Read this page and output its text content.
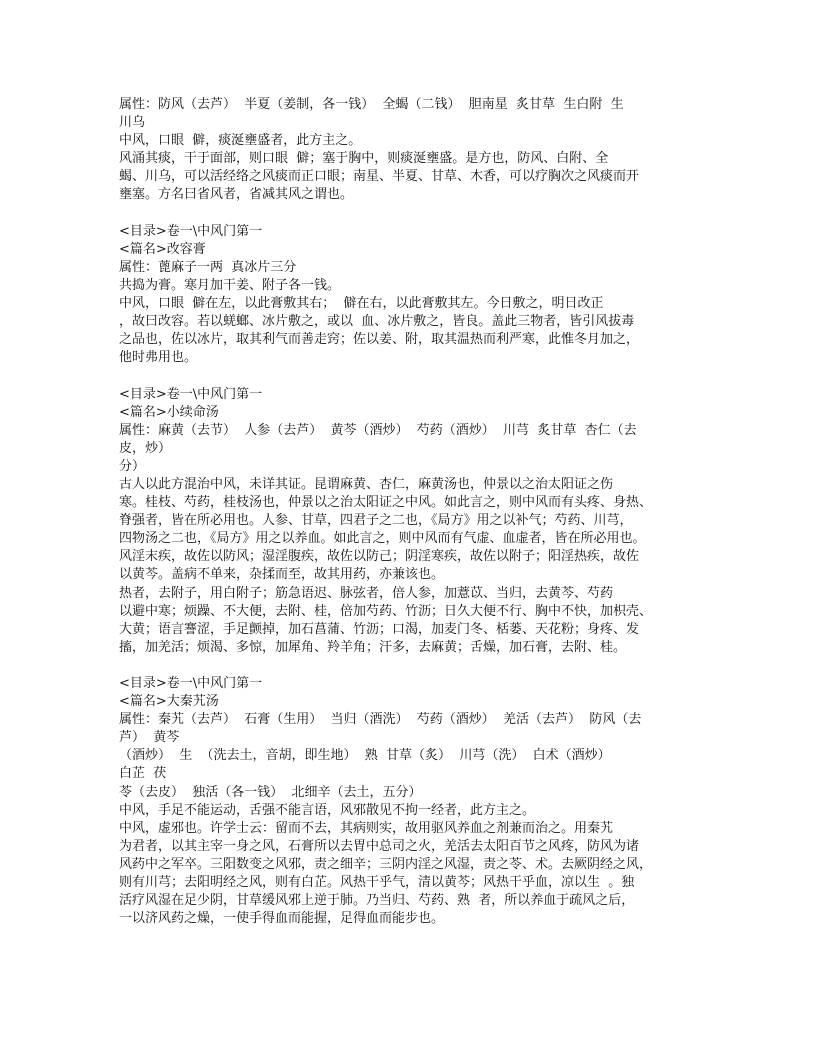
属性：防风（去芦）  半夏（姜制，各一钱）  全蝎（二钱）  胆南星  炙甘草  生白附  生
川乌
中风，口眼  僻，痰涎壅盛者，此方主之。
风涌其痰，干于面部，则口眼  僻；塞于胸中，则痰涎壅盛。是方也，防风、白附、全
蝎、川乌，可以活经络之风痰而正口眼；南星、半夏、甘草、木香，可以疗胸次之风痰而开
壅塞。方名曰省风者，省减其风之谓也。
<目录>卷一\中风门第一
<篇名>改容膏
属性：蓖麻子一两  真冰片三分
共捣为膏。寒月加干姜、附子各一钱。
中风，口眼  僻在左，以此膏敷其右；  僻在右，以此膏敷其左。今日敷之，明日改正
，故曰改容。若以蜣螂、冰片敷之，或以  血、冰片敷之，皆良。盖此三物者，皆引风拔毒
之品也，佐以冰片，取其利气而善走窍；佐以姜、附，取其温热而利严寒，此惟冬月加之，
他时弗用也。
<目录>卷一\中风门第一
<篇名>小续命汤
属性：麻黄（去节）  人参（去芦）  黄芩（酒炒）  芍药（酒炒）  川芎  炙甘草  杏仁（去
皮，炒）
分）
古人以此方混治中风，未详其证。昆谓麻黄、杏仁，麻黄汤也，仲景以之治太阳证之伤
寒。桂枝、芍药，桂枝汤也，仲景以之治太阳证之中风。如此言之，则中风而有头疼、身热、
脊强者，皆在所必用也。人参、甘草，四君子之二也，《局方》用之以补气；芍药、川芎，
四物汤之二也，《局方》用之以养血。如此言之，则中风而有气虚、血虚者，皆在所必用也。
风淫末疾，故佐以防风；湿淫腹疾，故佐以防己；阴淫寒疾，故佐以附子；阳淫热疾，故佐
以黄芩。盖病不单来，杂揉而至，故其用药，亦兼该也。
热者，去附子，用白附子；筋急语迟、脉弦者，倍人参，加薏苡、当归，去黄芩、芍药
以避中寒；烦躁、不大便，去附、桂，倍加芍药、竹沥；日久大便不行、胸中不快，加枳壳、
大黄；语言謇涩，手足颤掉，加石菖蒲、竹沥；口渴，加麦门冬、栝蒌、天花粉；身疼、发
搐，加羌活；烦渴、多惊，加犀角、羚羊角；汗多，去麻黄；舌燥，加石膏，去附、桂。
<目录>卷一\中风门第一
<篇名>大秦艽汤
属性：秦艽（去芦）  石膏（生用）  当归（酒洗）  芍药（酒炒）  羌活（去芦）  防风（去
芦）  黄芩
（酒炒）  生  （洗去土，音胡，即生地）  熟  甘草（炙）  川芎（洗）  白术（酒炒）
白芷  茯
苓（去皮）  独活（各一钱）  北细辛（去土，五分）
中风，手足不能运动，舌强不能言语，风邪散见不拘一经者，此方主之。
中风，虚邪也。许学士云：留而不去，其病则实，故用驱风养血之剂兼而治之。用秦艽
为君者，以其主宰一身之风，石膏所以去胃中总司之火，羌活去太阳百节之风疼，防风为诸
风药中之军卒。三阳数变之风邪，责之细辛；三阴内淫之风湿，责之苓、术。去厥阴经之风，
则有川芎；去阳明经之风，则有白芷。风热干乎气，清以黄芩；风热干乎血，凉以生  。独
活疗风湿在足少阴，甘草缓风邪上逆于肺。乃当归、芍药、熟  者，所以养血于疏风之后，
一以济风药之燥，一使手得血而能握，足得血而能步也。
